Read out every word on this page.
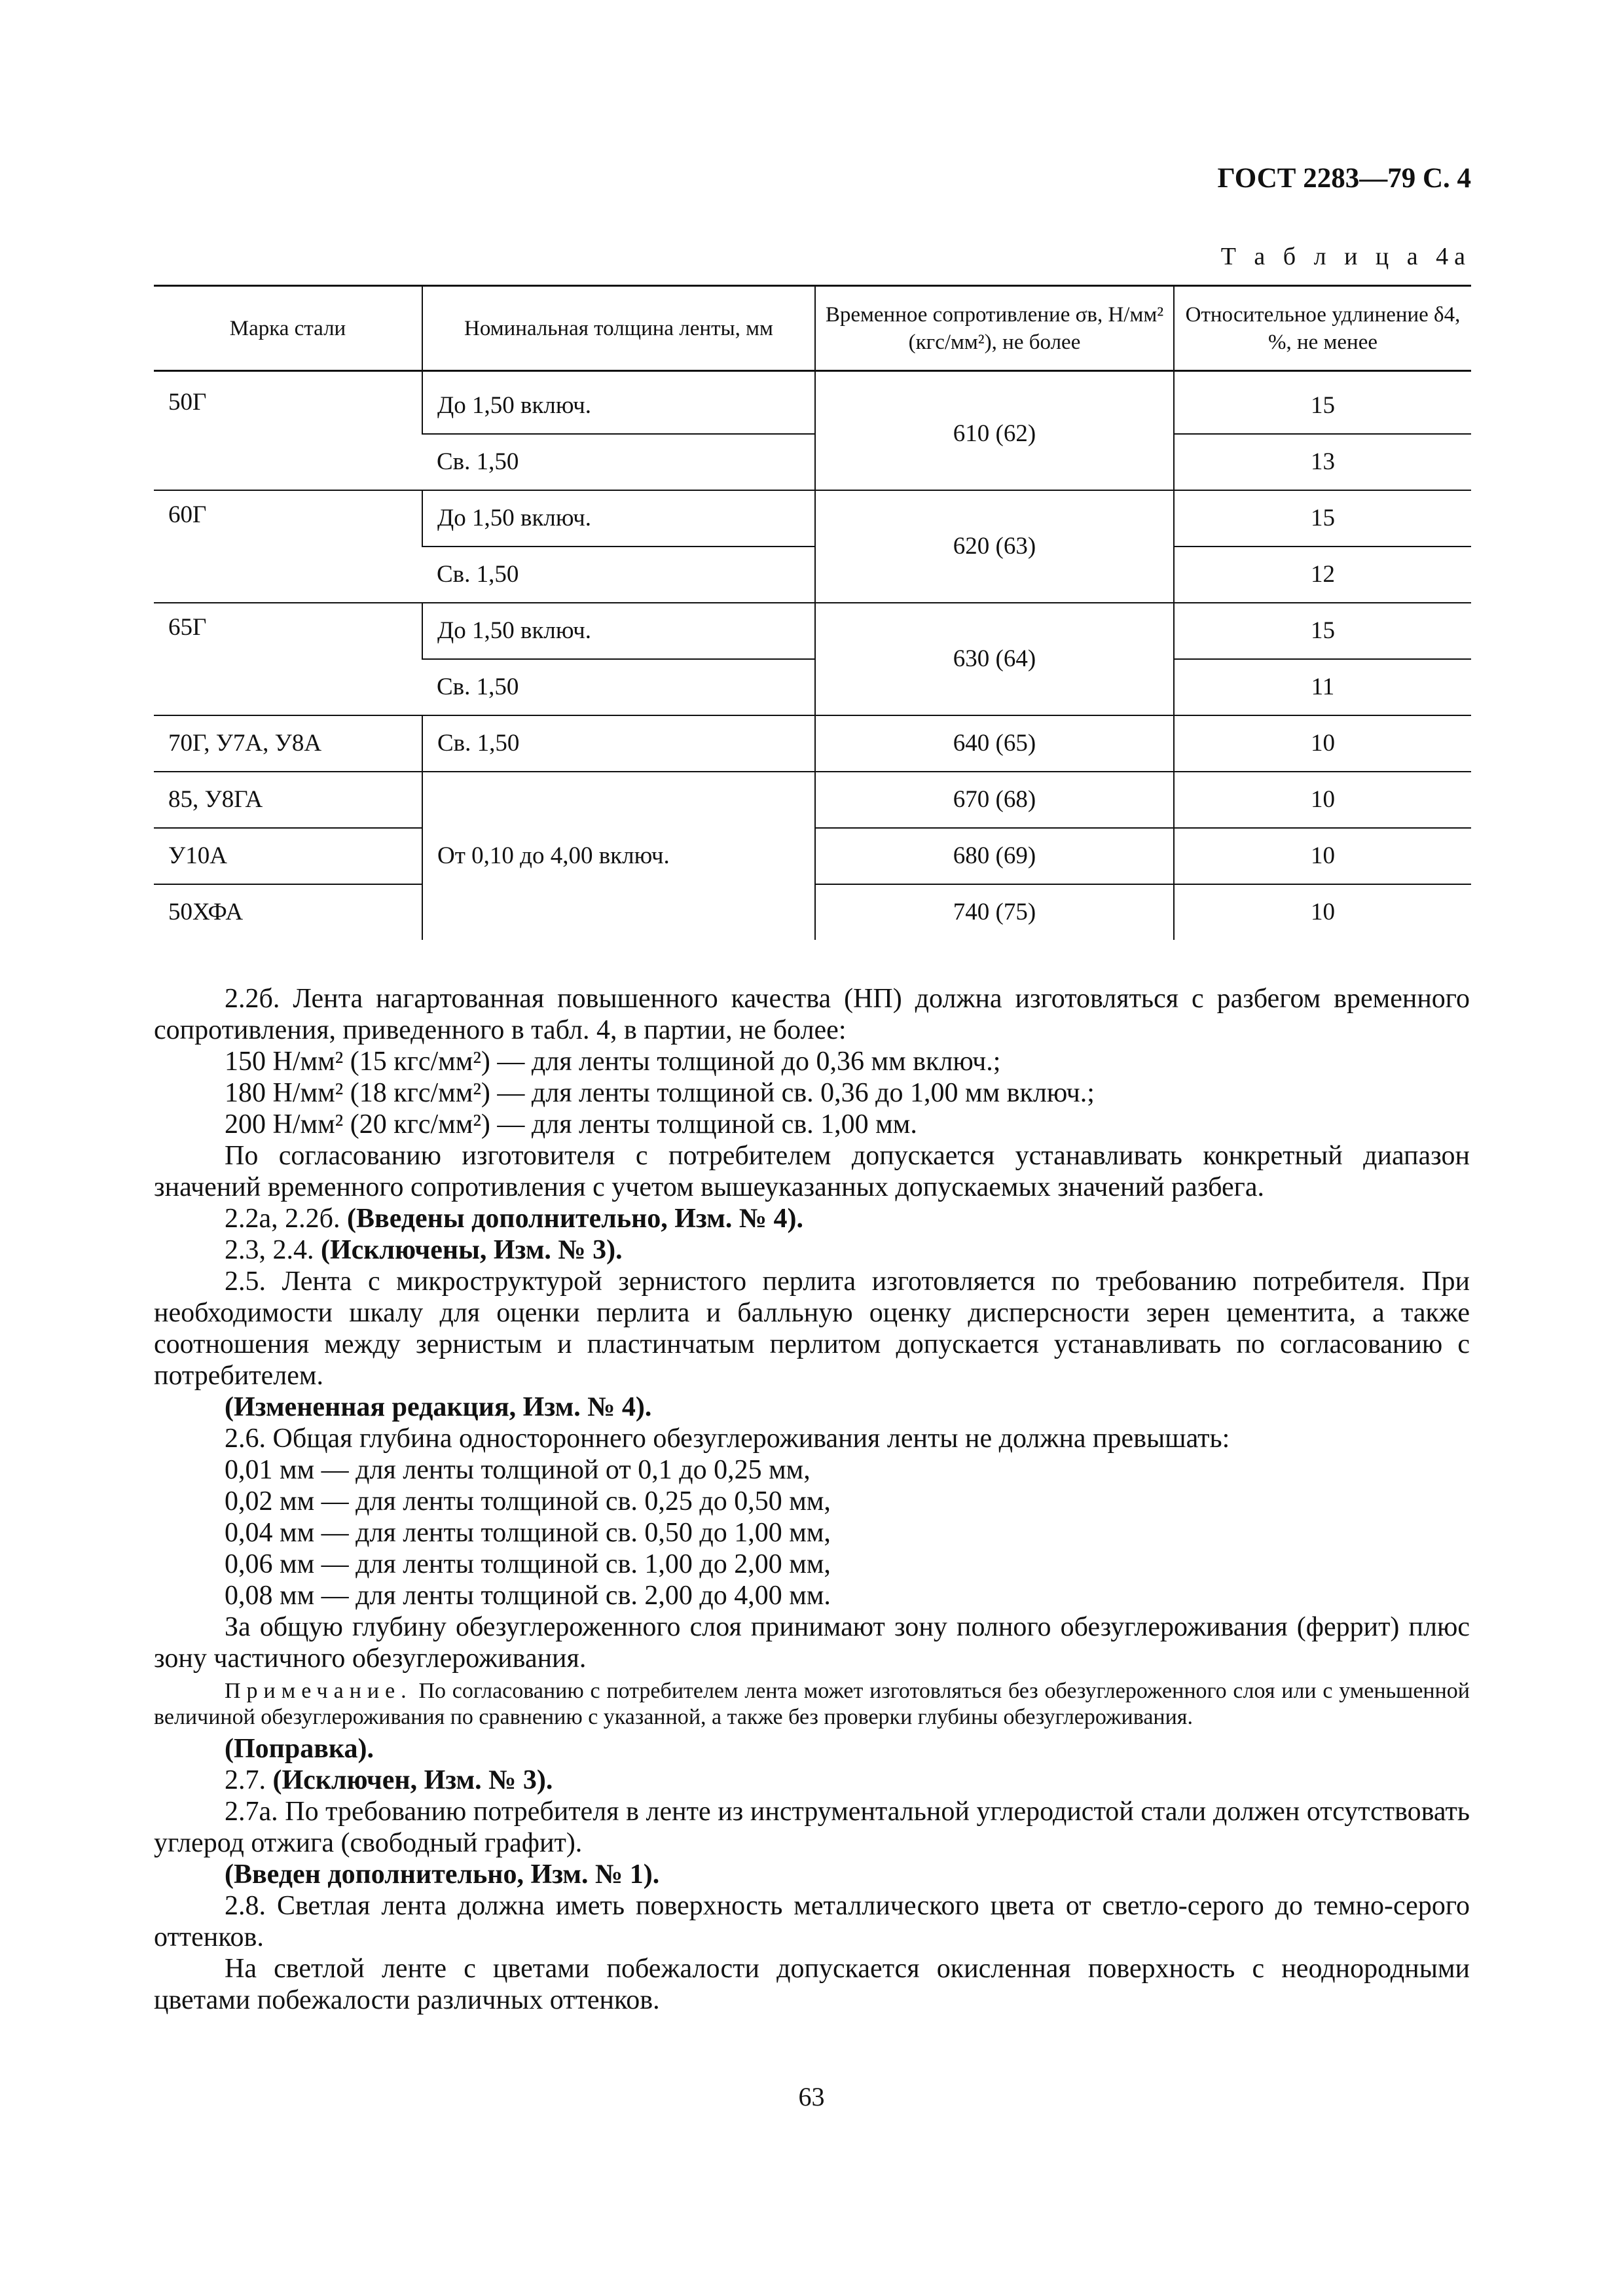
ГОСТ 2283—79 С. 4
Т а б л и ц а 4а
Марка стали	Номинальная толщина ленты, мм	Временное сопротивление σв, Н/мм² (кгс/мм²), не более	Относительное удлинение δ4, %, не менее

50Г	До 1,50 включ.	610 (62)	15
	Св. 1,50		13
60Г	До 1,50 включ.	620 (63)	15
	Св. 1,50		12
65Г	До 1,50 включ.	630 (64)	15
	Св. 1,50		11
70Г, У7А, У8А	Св. 1,50	640 (65)	10
85, У8ГА	От 0,10 до 4,00 включ.	670 (68)	10
У10А		680 (69)	10
50ХФА		740 (75)	10

2.2б. Лента нагартованная повышенного качества (НП) должна изготовляться с разбегом временного сопротивления, приведенного в табл. 4, в партии, не более:

150 Н/мм² (15 кгс/мм²) — для ленты толщиной до 0,36 мм включ.;

180 Н/мм² (18 кгс/мм²) — для ленты толщиной св. 0,36 до 1,00 мм включ.;

200 Н/мм² (20 кгс/мм²) — для ленты толщиной св. 1,00 мм.

По согласованию изготовителя с потребителем допускается устанавливать конкретный диапазон значений временного сопротивления с учетом вышеуказанных допускаемых значений разбега.

2.2а, 2.2б. (Введены дополнительно, Изм. № 4).

2.3, 2.4. (Исключены, Изм. № 3).

2.5. Лента с микроструктурой зернистого перлита изготовляется по требованию потребителя. При необходимости шкалу для оценки перлита и балльную оценку дисперсности зерен цементита, а также соотношения между зернистым и пластинчатым перлитом допускается устанавливать по согласованию с потребителем.

(Измененная редакция, Изм. № 4).

2.6. Общая глубина одностороннего обезуглероживания ленты не должна превышать:

0,01 мм — для ленты толщиной от 0,1 до 0,25 мм,

0,02 мм — для ленты толщиной св. 0,25 до 0,50 мм,

0,04 мм — для ленты толщиной св. 0,50 до 1,00 мм,

0,06 мм — для ленты толщиной св. 1,00 до 2,00 мм,

0,08 мм — для ленты толщиной св. 2,00 до 4,00 мм.

За общую глубину обезуглероженного слоя принимают зону полного обезуглероживания (феррит) плюс зону частичного обезуглероживания.

Примечание. По согласованию с потребителем лента может изготовляться без обезуглероженного слоя или с уменьшенной величиной обезуглероживания по сравнению с указанной, а также без проверки глубины обезуглероживания.

(Поправка).

2.7. (Исключен, Изм. № 3).

2.7а. По требованию потребителя в ленте из инструментальной углеродистой стали должен отсутствовать углерод отжига (свободный графит).

(Введен дополнительно, Изм. № 1).

2.8. Светлая лента должна иметь поверхность металлического цвета от светло-серого до темно-серого оттенков.

На светлой ленте с цветами побежалости допускается окисленная поверхность с неоднородными цветами побежалости различных оттенков.

63
